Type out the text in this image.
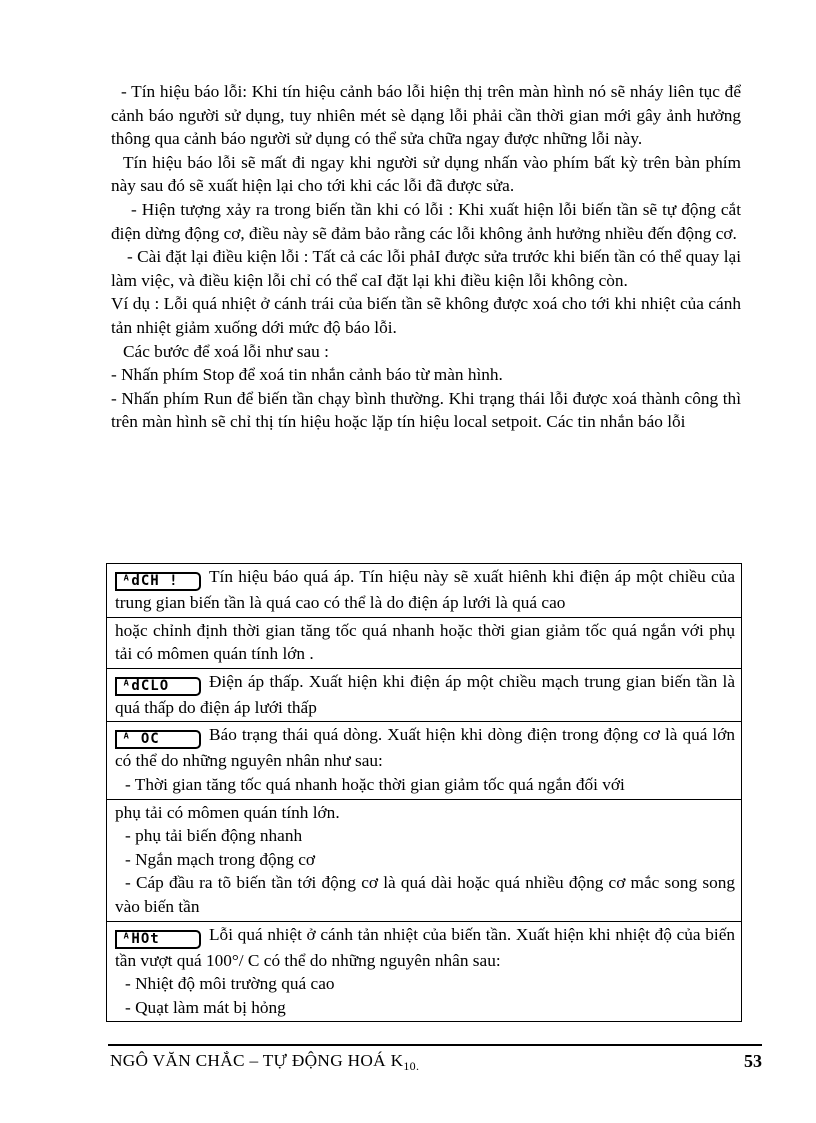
- Tín hiệu báo lỗi: Khi tín hiệu cảnh báo lỗi hiện thị trên màn hình nó sẽ nháy liên tục để cảnh báo người sử dụng, tuy nhiên mét sè dạng lỗi phải cần thời gian mới gây ảnh hưởng thông qua cảnh báo người sử dụng có thể sửa chữa ngay được những lỗi này.

Tín hiệu báo lỗi sẽ mất đi ngay khi người sử dụng nhấn vào phím bất kỳ trên bàn phím này sau đó sẽ xuất hiện lại cho tới khi các lỗi đã được sửa.

- Hiện tượng xảy ra trong biến tần khi có lỗi : Khi xuất hiện lỗi biến tần sẽ tự động cắt điện dừng động cơ, điều này sẽ đảm bảo rằng các lỗi không ảnh hưởng nhiều đến động cơ.

- Cài đặt lại điều kiện lỗi : Tất cả các lỗi phảI được sửa trước khi biến tần có thể quay lại làm việc, và điều kiện lỗi chỉ có thể caI đặt lại khi điều kiện lỗi không còn.

Ví dụ : Lỗi quá nhiệt ở cánh trái của biến tần sẽ không được xoá cho tới khi nhiệt của cánh tản nhiệt giảm xuống dới mức độ báo lỗi.

Các bước để xoá lỗi như sau :

- Nhấn phím Stop để xoá tin nhắn cảnh báo từ màn hình.

- Nhấn phím Run để biến tần chạy bình thường. Khi trạng thái lỗi được xoá thành công thì trên màn hình sẽ chỉ thị tín hiệu hoặc lặp tín hiệu local setpoit. Các tin nhắn báo lỗi

ᴬdCH ! Tín hiệu báo quá áp. Tín hiệu này sẽ xuất hiênh khi điện áp một chiều của trung gian biến tần là quá cao có thể là do điện áp lưới là quá cao
hoặc chỉnh định thời gian tăng tốc quá nhanh hoặc thời gian giảm tốc quá ngắn với phụ tải có mômen quán tính lớn .
ᴬdCLO Điện áp thấp. Xuất hiện khi điện áp một chiều mạch trung gian biến tần là quá thấp do điện áp lưới thấp
ᴬ OC	Báo trạng thái quá dòng. Xuất hiện khi dòng điện trong động cơ là quá lớn có thể do những nguyên nhân như sau:
- Thời gian tăng tốc quá nhanh hoặc thời gian giảm tốc quá ngắn đối với
phụ tải có mômen quán tính lớn.
- phụ tải biến động nhanh
- Ngắn mạch trong động cơ
- Cáp đầu ra tõ biến tần tới động cơ là quá dài hoặc quá nhiều động cơ mắc song song vào biến tần
ᴬHOt	Lỗi quá nhiệt ở cánh tản nhiệt của biến tần. Xuất hiện khi nhiệt độ của biến tần vượt quá 100°/ C có thể do những nguyên nhân sau:
- Nhiệt độ môi trường quá cao
- Quạt làm mát bị hỏng
NGÔ VĂN CHẮC – TỰ ĐỘNG HOÁ $K_{10.}$	53
